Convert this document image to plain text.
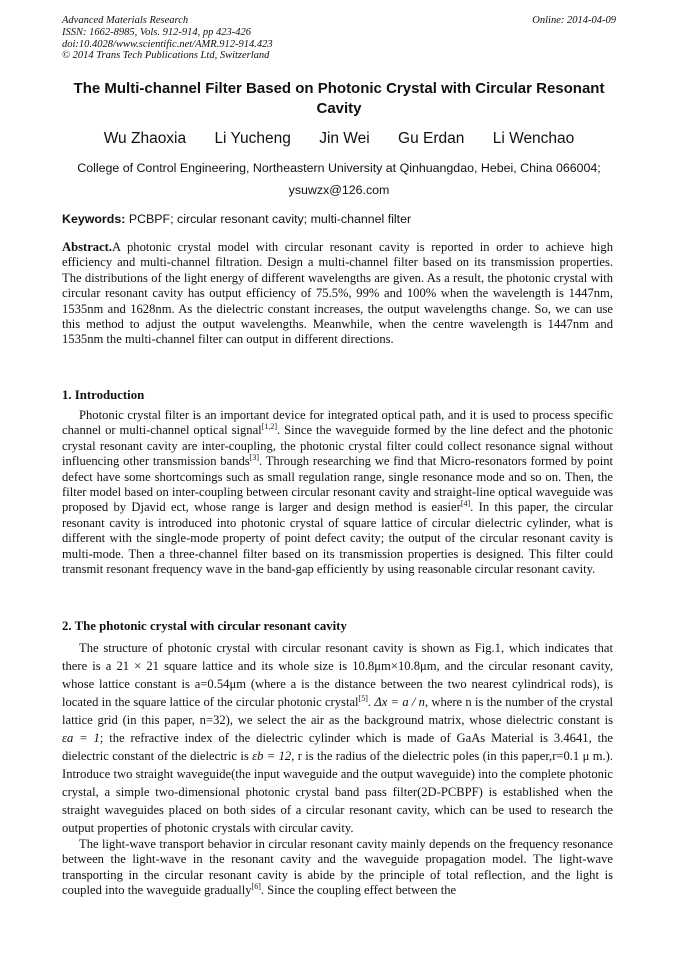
Advanced Materials Research
ISSN: 1662-8985, Vols. 912-914, pp 423-426
doi:10.4028/www.scientific.net/AMR.912-914.423
© 2014 Trans Tech Publications Ltd, Switzerland
Online: 2014-04-09
The Multi-channel Filter Based on Photonic Crystal with Circular Resonant Cavity
Wu Zhaoxia Li Yucheng Jin Wei Gu Erdan Li Wenchao
College of Control Engineering, Northeastern University at Qinhuangdao, Hebei, China 066004;
ysuwzx@126.com
Keywords: PCBPF; circular resonant cavity; multi-channel filter

Abstract.A photonic crystal model with circular resonant cavity is reported in order to achieve high efficiency and multi-channel filtration. Design a multi-channel filter based on its transmission properties. The distributions of the light energy of different wavelengths are given. As a result, the photonic crystal with circular resonant cavity has output efficiency of 75.5%, 99% and 100% when the wavelength is 1447nm, 1535nm and 1628nm. As the dielectric constant increases, the output wavelengths change. So, we can use this method to adjust the output wavelengths. Meanwhile, when the centre wavelength is 1447nm and 1535nm the multi-channel filter can output in different directions.

1. Introduction

Photonic crystal filter is an important device for integrated optical path, and it is used to process specific channel or multi-channel optical signal[1,2]. Since the waveguide formed by the line defect and the photonic crystal resonant cavity are inter-coupling, the photonic crystal filter could collect resonance signal without influencing other transmission bands[3]. Through researching we find that Micro-resonators formed by point defect have some shortcomings such as small regulation range, single resonance mode and so on. Then, the filter model based on inter-coupling between circular resonant cavity and straight-line optical waveguide was proposed by Djavid ect, whose range is larger and design method is easier[4]. In this paper, the circular resonant cavity is introduced into photonic crystal of square lattice of circular dielectric cylinder, what is different with the single-mode property of point defect cavity; the output of the circular resonant cavity is multi-mode. Then a three-channel filter based on its transmission properties is designed. This filter could transmit resonant frequency wave in the band-gap efficiently by using reasonable circular resonant cavity.

2. The photonic crystal with circular resonant cavity

The structure of photonic crystal with circular resonant cavity is shown as Fig.1, which indicates that there is a 21 × 21 square lattice and its whole size is 10.8μm×10.8μm, and the circular resonant cavity, whose lattice constant is a=0.54μm (where a is the distance between the two nearest cylindrical rods), is located in the square lattice of the circular photonic crystal[5]. Δx = a / n, where n is the number of the crystal lattice grid (in this paper, n=32), we select the air as the background matrix, whose dielectric constant is εa = 1; the refractive index of the dielectric cylinder which is made of GaAs Material is 3.4641, the dielectric constant of the dielectric is εb = 12, r is the radius of the dielectric poles (in this paper,r=0.1 μ m.). Introduce two straight waveguide(the input waveguide and the output waveguide) into the complete photonic crystal, a simple two-dimensional photonic crystal band pass filter(2D-PCBPF) is established when the straight waveguides placed on both sides of a circular resonant cavity, which can be used to research the output properties of photonic crystals with circular cavity.

The light-wave transport behavior in circular resonant cavity mainly depends on the frequency resonance between the light-wave in the resonant cavity and the waveguide propagation model. The light-wave transporting in the circular resonant cavity is abide by the principle of total reflection, and the light is coupled into the waveguide gradually[6]. Since the coupling effect between the
